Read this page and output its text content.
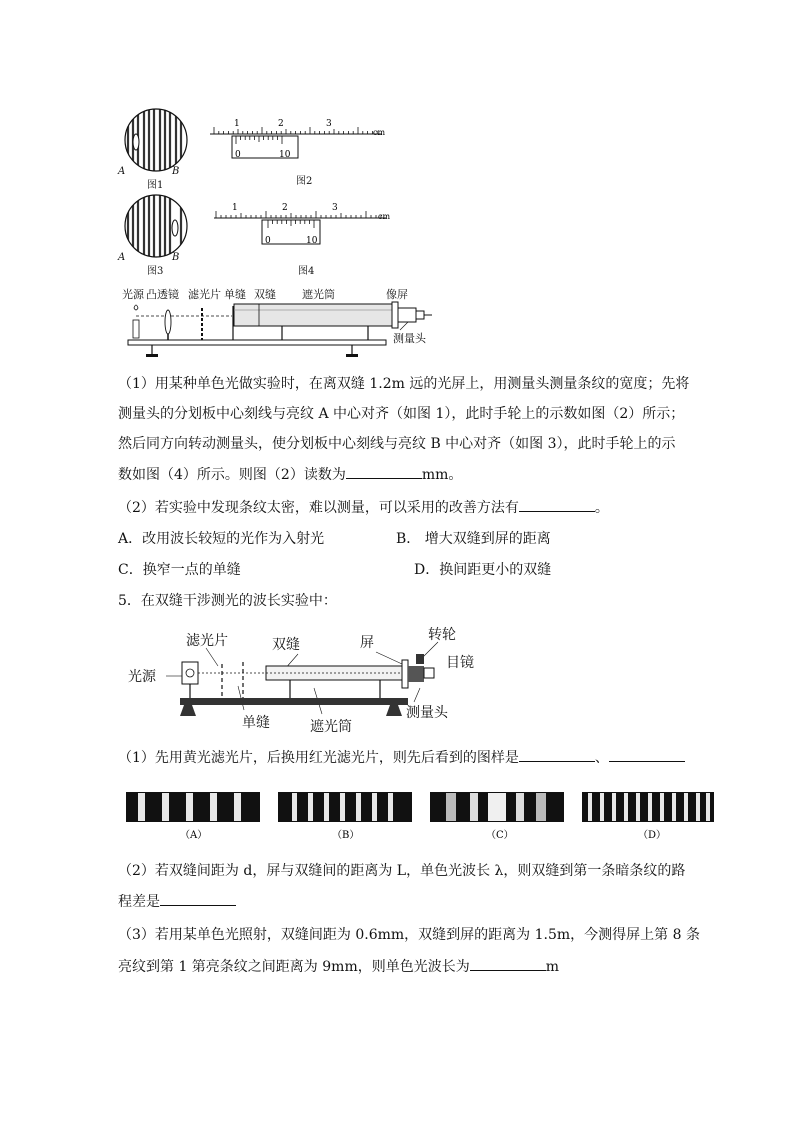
A	B
图1
A	B
图3
1	2	3
cm
0	10
图2
1	2	3
cm
0	10
图4
光源 凸透镜 滤光片 单缝 双缝 遮光筒	像屏
测量头
（1）用某种单色光做实验时，在离双缝 1.2m 远的光屏上，用测量头测量条纹的宽度；先将
测量头的分划板中心刻线与亮纹 A 中心对齐（如图 1），此时手轮上的示数如图（2）所示；
然后同方向转动测量头，使分划板中心刻线与亮纹 B 中心对齐（如图 3），此时手轮上的示
数如图（4）所示。则图（2）读数为	mm。
（2）若实验中发现条纹太密，难以测量，可以采用的改善方法有	。
A．改用波长较短的光作为入射光	B． 增大双缝到屏的距离
C．换窄一点的单缝	D．换间距更小的双缝
5．在双缝干涉测光的波长实验中：
滤光片	双缝	屏	转轮
光源
目镜
单缝	遮光筒
测量头
（1）先用黄光滤光片，后换用红光滤光片，则先后看到的图样是	、
（A）	（B）	（C）	（D）
（2）若双缝间距为 d，屏与双缝间的距离为 L，单色光波长 λ，则双缝到第一条暗条纹的路
程差是
（3）若用某单色光照射，双缝间距为 0.6mm，双缝到屏的距离为 1.5m，今测得屏上第 8 条
亮纹到第 1 第亮条纹之间距离为 9mm，则单色光波长为	m
